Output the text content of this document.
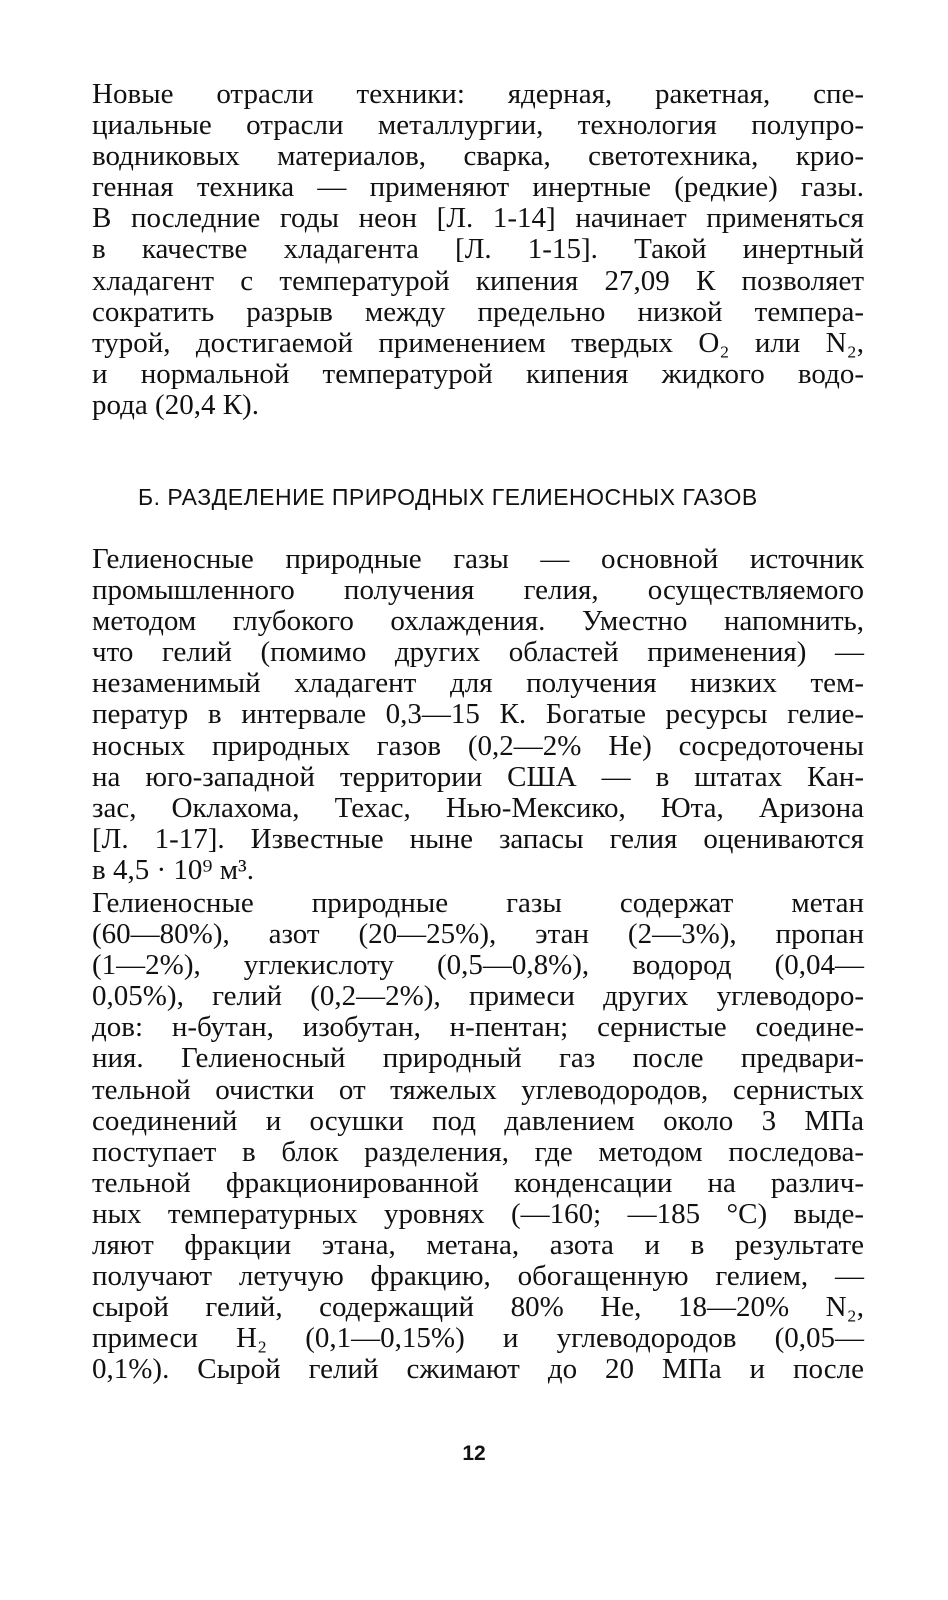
Новые отрасли техники: ядерная, ракетная, спе-
циальные отрасли металлургии, технология полупро-
водниковых материалов, сварка, светотехника, крио-
генная техника — применяют инертные (редкие) газы.
В последние годы неон [Л. 1-14] начинает применяться
в качестве хладагента [Л. 1-15]. Такой инертный
хладагент с температурой кипения 27,09 К позволяет
сократить разрыв между предельно низкой темпера-
турой, достигаемой применением твердых O₂ или N₂,
и нормальной температурой кипения жидкого водо-
рода (20,4 К).
Б. РАЗДЕЛЕНИЕ ПРИРОДНЫХ ГЕЛИЕНОСНЫХ ГАЗОВ
Гелиеносные природные газы — основной источник
промышленного получения гелия, осуществляемого
методом глубокого охлаждения. Уместно напомнить,
что гелий (помимо других областей применения) —
незаменимый хладагент для получения низких тем-
ператур в интервале 0,3—15 К. Богатые ресурсы гелие-
носных природных газов (0,2—2% He) сосредоточены
на юго-западной территории США — в штатах Кан-
зас, Оклахома, Техас, Нью-Мексико, Юта, Аризона
[Л. 1-17]. Известные ныне запасы гелия оцениваются
в 4,5 · 10⁹ м³.
Гелиеносные природные газы содержат метан
(60—80%), азот (20—25%), этан (2—3%), пропан
(1—2%), углекислоту (0,5—0,8%), водород (0,04—
0,05%), гелий (0,2—2%), примеси других углеводоро-
дов: н-бутан, изобутан, н-пентан; сернистые соедине-
ния. Гелиеносный природный газ после предвари-
тельной очистки от тяжелых углеводородов, сернистых
соединений и осушки под давлением около 3 МПа
поступает в блок разделения, где методом последова-
тельной фракционированной конденсации на различ-
ных температурных уровнях (—160; —185 °С) выде-
ляют фракции этана, метана, азота и в результате
получают летучую фракцию, обогащенную гелием, —
сырой гелий, содержащий 80% He, 18—20% N₂,
примеси H₂ (0,1—0,15%) и углеводородов (0,05—
0,1%). Сырой гелий сжимают до 20 МПа и после
12
